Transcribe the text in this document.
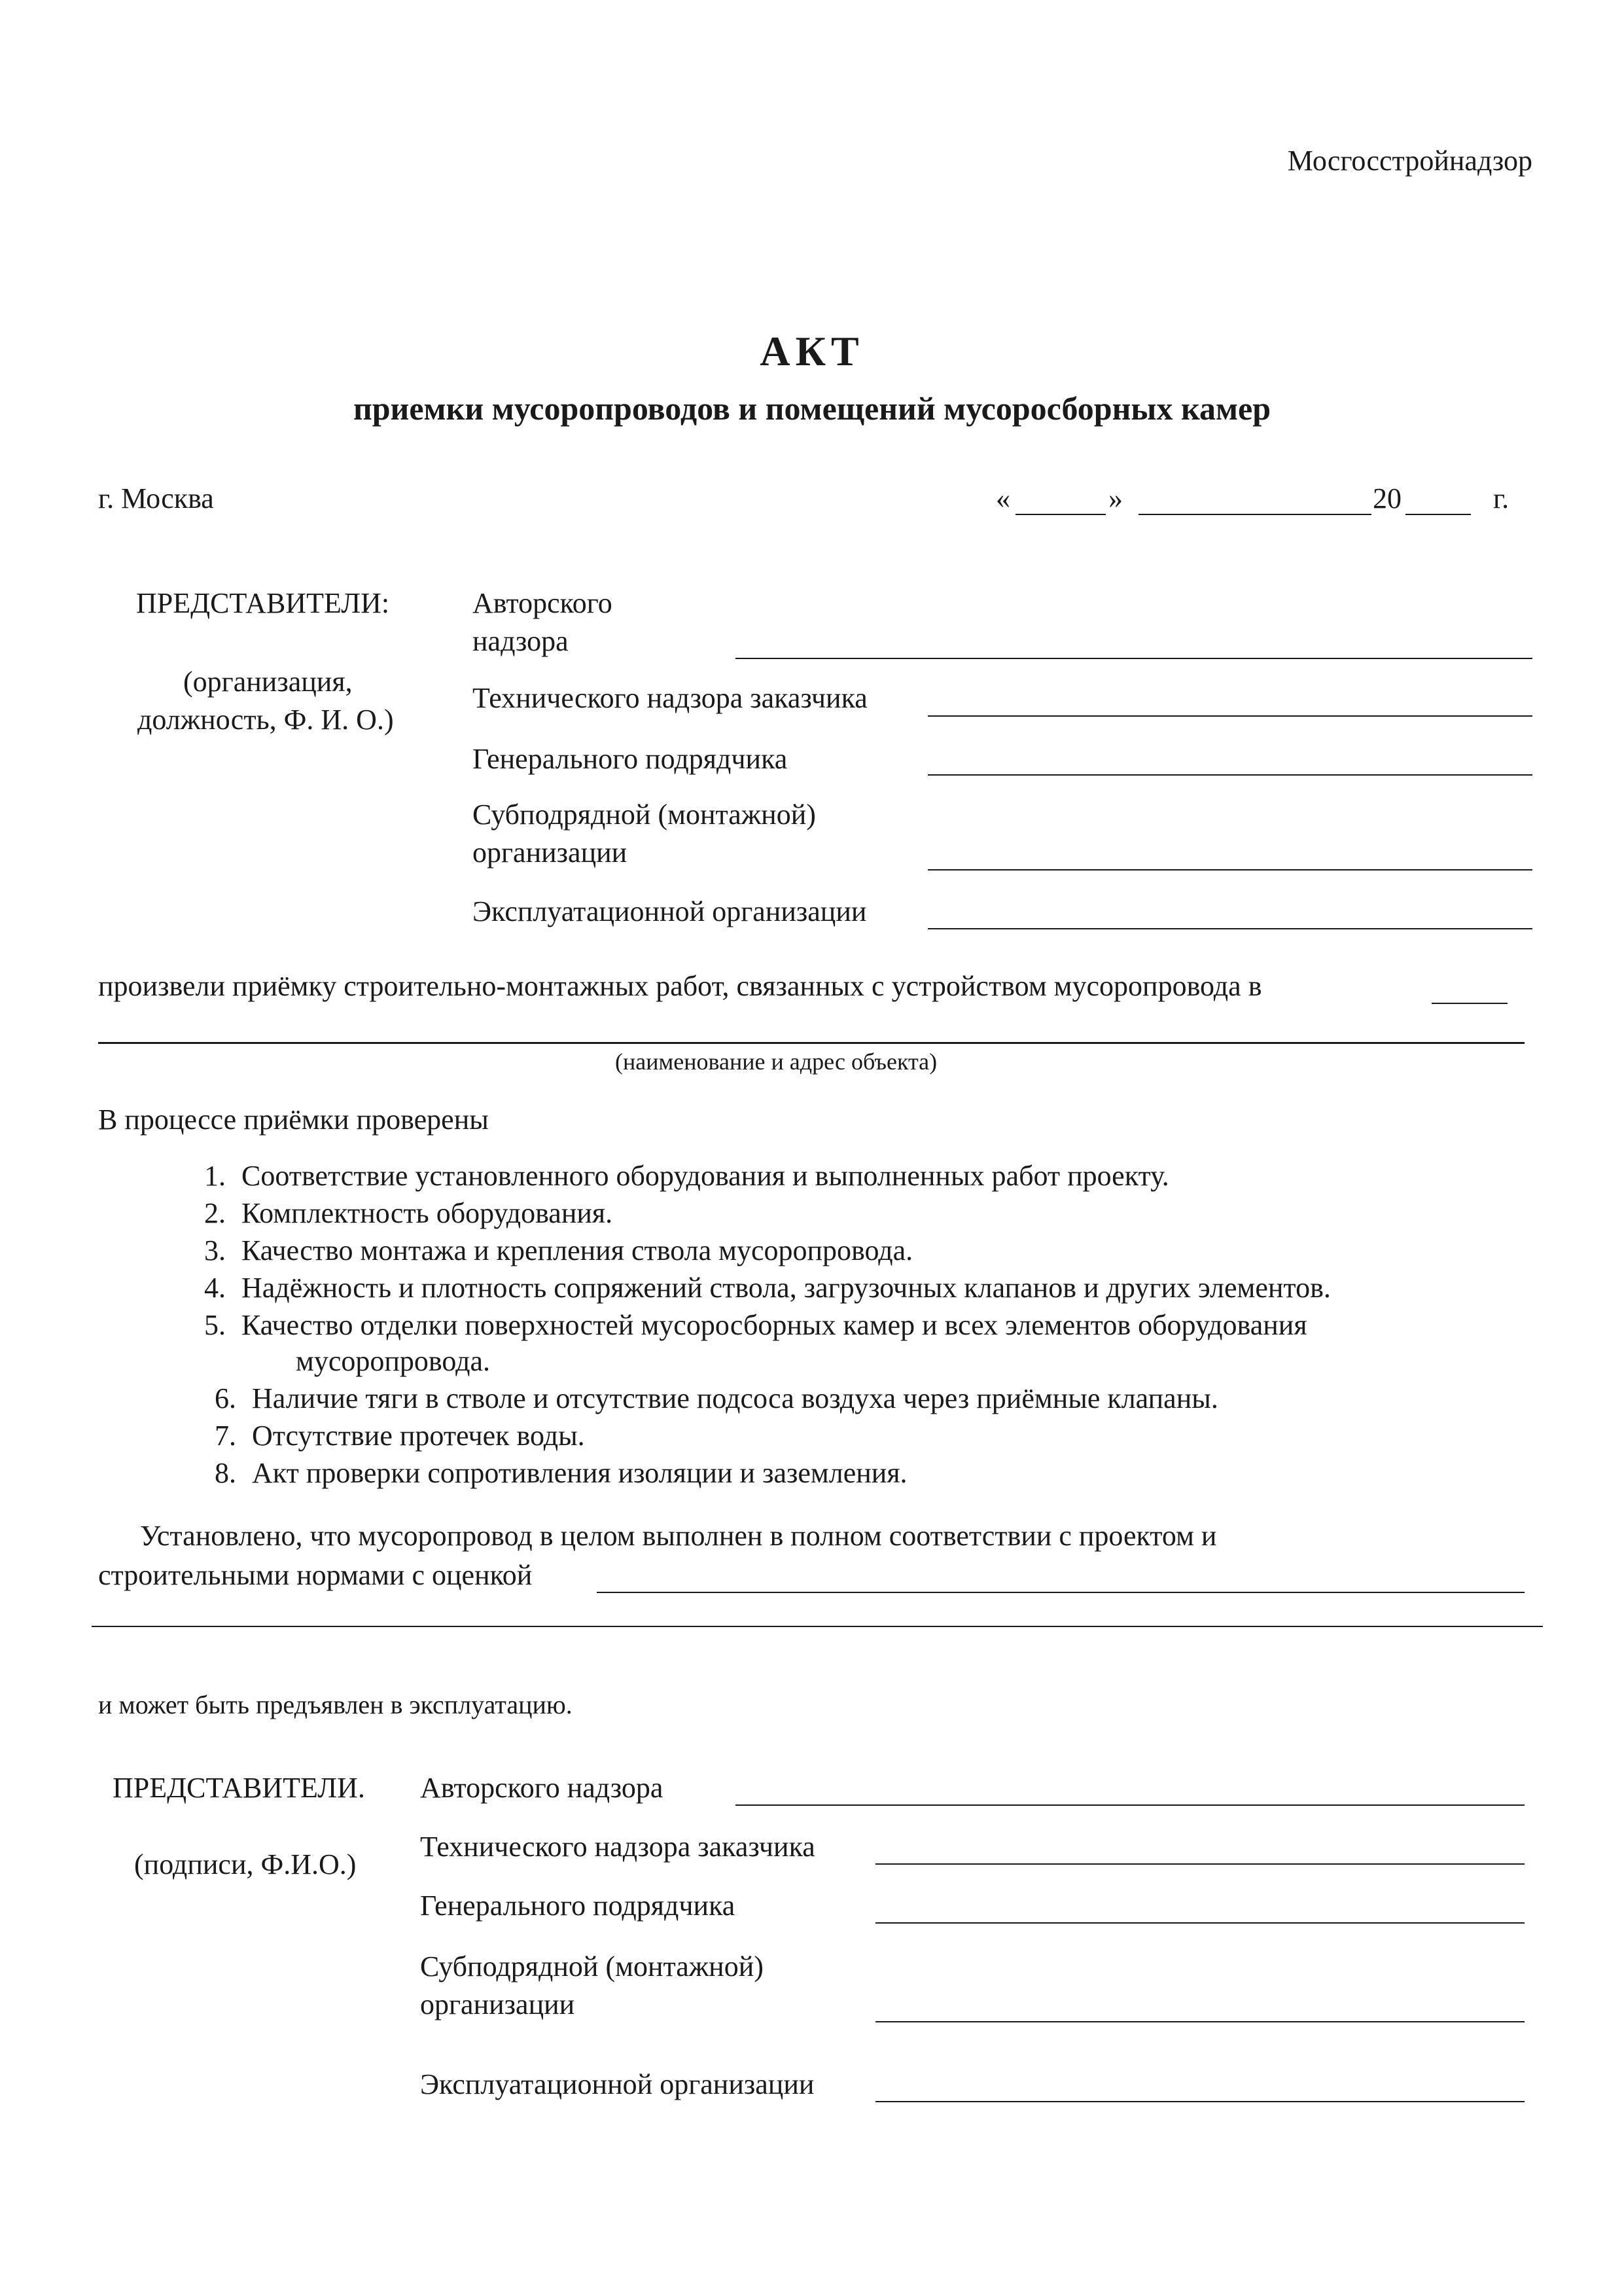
Мосгосстройнадзор
АКТ
приемки мусоропроводов и помещений мусоросборных камер
г. Москва	«	»	20	г.
ПРЕДСТАВИТЕЛИ:
(организация,
должность, Ф. И. О.)
Авторского
надзора
Технического надзора заказчика
Генерального подрядчика
Субподрядной (монтажной)
организации
Эксплуатационной организации
произвели приёмку строительно-монтажных работ, связанных с устройством мусоропровода в
(наименование и адрес объекта)
В процессе приёмки проверены
1. Соответствие установленного оборудования и выполненных работ проекту.
2. Комплектность оборудования.
3. Качество монтажа и крепления ствола мусоропровода.
4. Надёжность и плотность сопряжений ствола, загрузочных клапанов и других элементов.
5. Качество отделки поверхностей мусоросборных камер и всех элементов оборудования
мусоропровода.
6. Наличие тяги в стволе и отсутствие подсоса воздуха через приёмные клапаны.
7. Отсутствие протечек воды.
8. Акт проверки сопротивления изоляции и заземления.
Установлено, что мусоропровод в целом выполнен в полном соответствии с проектом и
строительными нормами с оценкой
и может быть предъявлен в эксплуатацию.
ПРЕДСТАВИТЕЛИ.
(подписи, Ф.И.О.)
Авторского надзора
Технического надзора заказчика
Генерального подрядчика
Субподрядной (монтажной)
организации
Эксплуатационной организации
